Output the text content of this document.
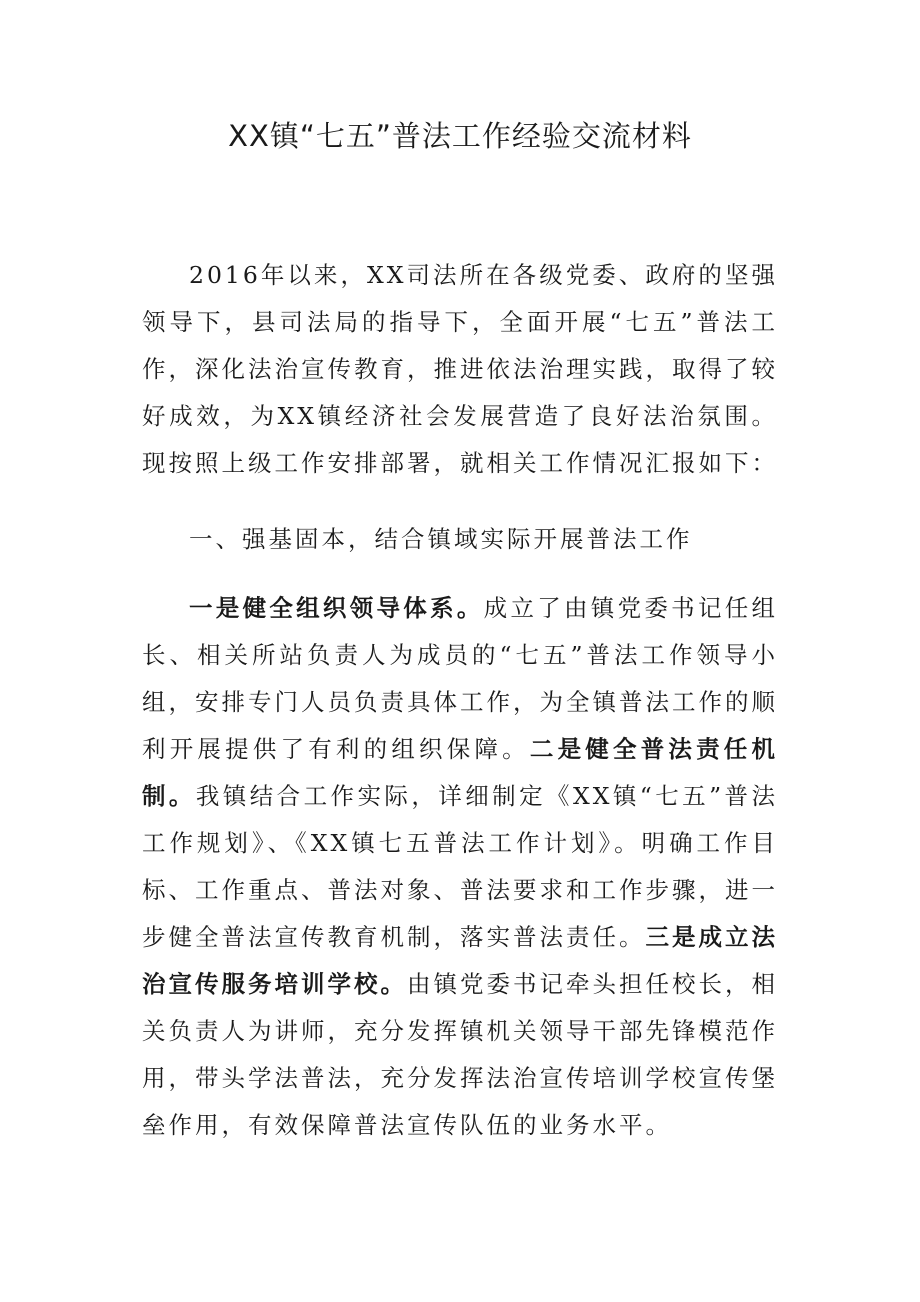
XX镇“七五”普法工作经验交流材料

2016年以来，XX司法所在各级党委、政府的坚强领导下，县司法局的指导下，全面开展“七五”普法工作，深化法治宣传教育，推进依法治理实践，取得了较好成效，为XX镇经济社会发展营造了良好法治氛围。现按照上级工作安排部署，就相关工作情况汇报如下：

一、强基固本，结合镇域实际开展普法工作

一是健全组织领导体系。成立了由镇党委书记任组长、相关所站负责人为成员的“七五”普法工作领导小组，安排专门人员负责具体工作，为全镇普法工作的顺利开展提供了有利的组织保障。二是健全普法责任机制。我镇结合工作实际，详细制定《XX镇“七五”普法工作规划》、《XX镇七五普法工作计划》。明确工作目标、工作重点、普法对象、普法要求和工作步骤，进一步健全普法宣传教育机制，落实普法责任。三是成立法治宣传服务培训学校。由镇党委书记牵头担任校长，相关负责人为讲师，充分发挥镇机关领导干部先锋模范作用，带头学法普法，充分发挥法治宣传培训学校宣传堡垒作用，有效保障普法宣传队伍的业务水平。
